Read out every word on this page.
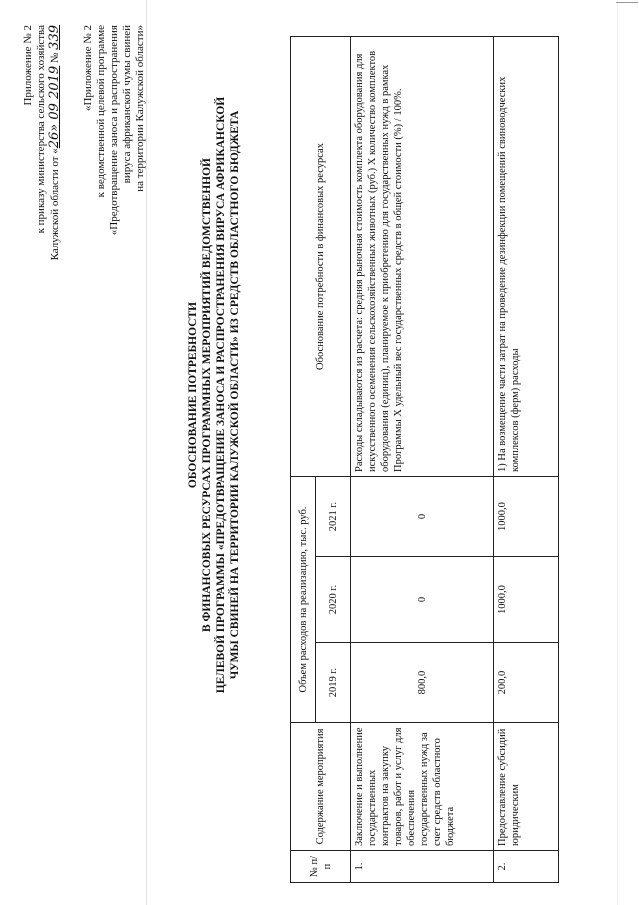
Приложение № 2 к приказу министерства сельского хозяйства Калужской области от «26» 09 2019 № 339 «Приложение № 2 к ведомственной целевой программе «Предотвращение заноса и распространения вируса африканской чумы свиней на территории Калужской области»
ОБОСНОВАНИЕ ПОТРЕБНОСТИ В ФИНАНСОВЫХ РЕСУРСАХ ПРОГРАММНЫХ МЕРОПРИЯТИЙ ВЕДОМСТВЕННОЙ ЦЕЛЕВОЙ ПРОГРАММЫ «ПРЕДОТВРАЩЕНИЕ ЗАНОСА И РАСПРОСТРАНЕНИЯ ВИРУСА АФРИКАНСКОЙ ЧУМЫ СВИНЕЙ НА ТЕРРИТОРИИ КАЛУЖСКОЙ ОБЛАСТИ» ИЗ СРЕДСТВ ОБЛАСТНОГО БЮДЖЕТА
№ п/п	Содержание мероприятия	Объем расходов на реализацию, тыс. руб.			Обоснование потребности в финансовых ресурсах
		2019 г.	2020 г.	2021 г.	
1.	Заключение и выполнение государственных контрактов на закупку товаров, работ и услуг для обеспечения государственных нужд за счет средств областного бюджета	800,0	0	0	Расходы складываются из расчета: средняя рыночная стоимость комплекта оборудования для искусственного осеменения сельскохозяйственных животных (руб.) Х количество комплектов оборудования (единиц), планируемое к приобретению для государственных нужд в рамках Программы Х удельный вес государственных средств в общей стоимости (%) / 100%.
2.	Предоставление субсидий юридическим	200,0	1000,0	1000,0	1) На возмещение части затрат на проведение дезинфекции помещений свиноводческих комплексов (ферм) расходы
